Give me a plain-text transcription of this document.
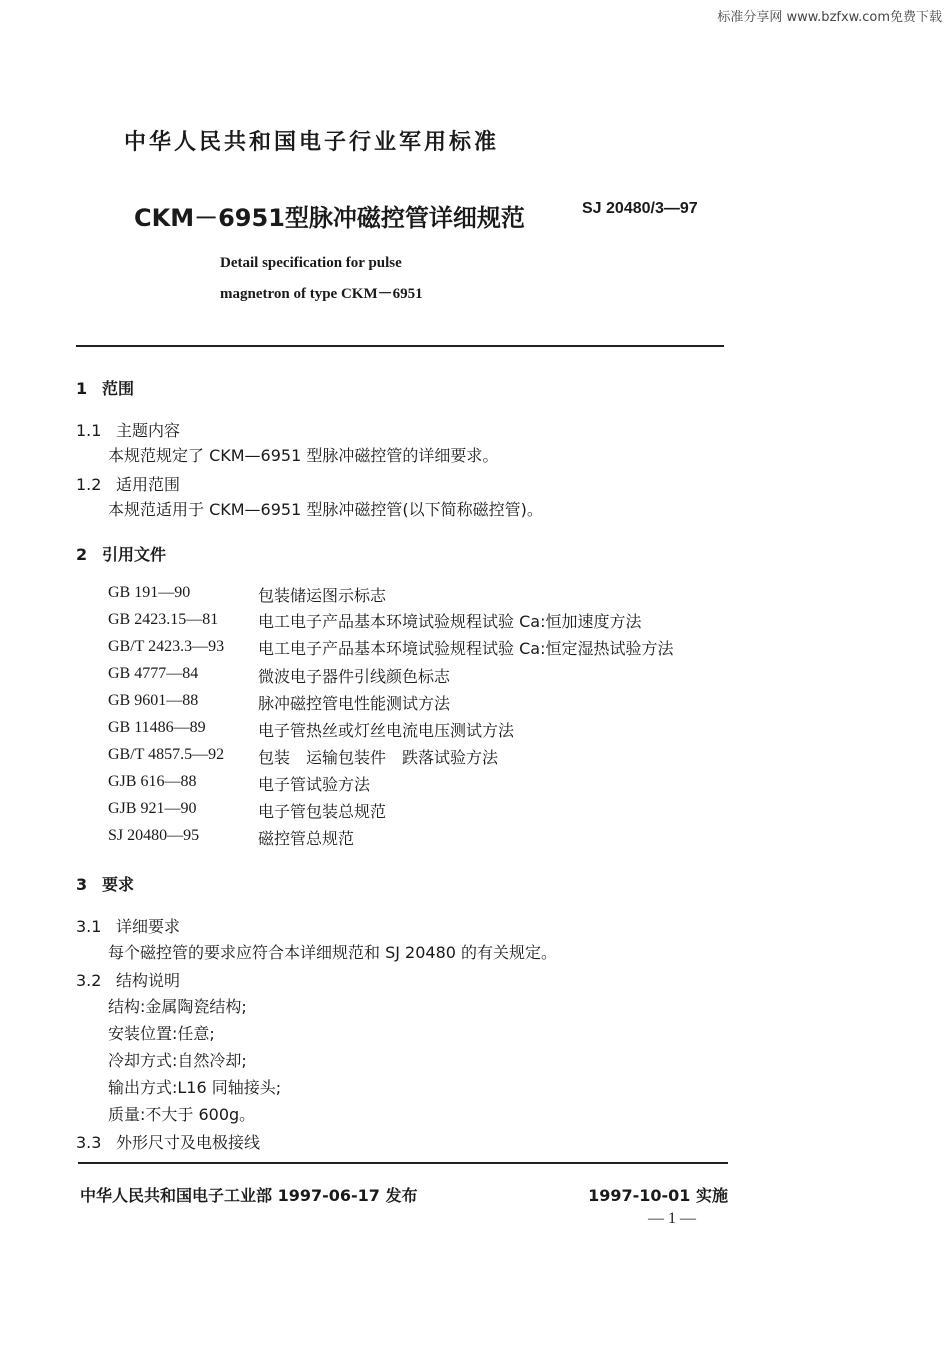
标准分享网 www.bzfxw.com免费下载
中华人民共和国电子行业军用标准
CKM－6951型脉冲磁控管详细规范	SJ 20480/3—97
Detail specification for pulse
magnetron of type CKM－6951
1 范围
1.1 主题内容
本规范规定了 CKM—6951 型脉冲磁控管的详细要求。
1.2 适用范围
本规范适用于 CKM—6951 型脉冲磁控管(以下简称磁控管)。
2 引用文件
GB 191—90	包装储运图示标志
GB 2423.15—81 电工电子产品基本环境试验规程试验 Ca:恒加速度方法
GB/T 2423.3—93 电工电子产品基本环境试验规程试验 Ca:恒定湿热试验方法
GB 4777—84	微波电子器件引线颜色标志
GB 9601—88	脉冲磁控管电性能测试方法
GB 11486—89	电子管热丝或灯丝电流电压测试方法
GB/T 4857.5—92 包装　运输包装件　跌落试验方法
GJB 616—88	电子管试验方法
GJB 921—90	电子管包装总规范
SJ 20480—95	磁控管总规范
3 要求
3.1 详细要求
每个磁控管的要求应符合本详细规范和 SJ 20480 的有关规定。
3.2 结构说明
结构:金属陶瓷结构;
安装位置:任意;
冷却方式:自然冷却;
输出方式:L16 同轴接头;
质量:不大于 600g。
3.3 外形尺寸及电极接线
中华人民共和国电子工业部 1997-06-17 发布	1997-10-01 实施
— 1 —
